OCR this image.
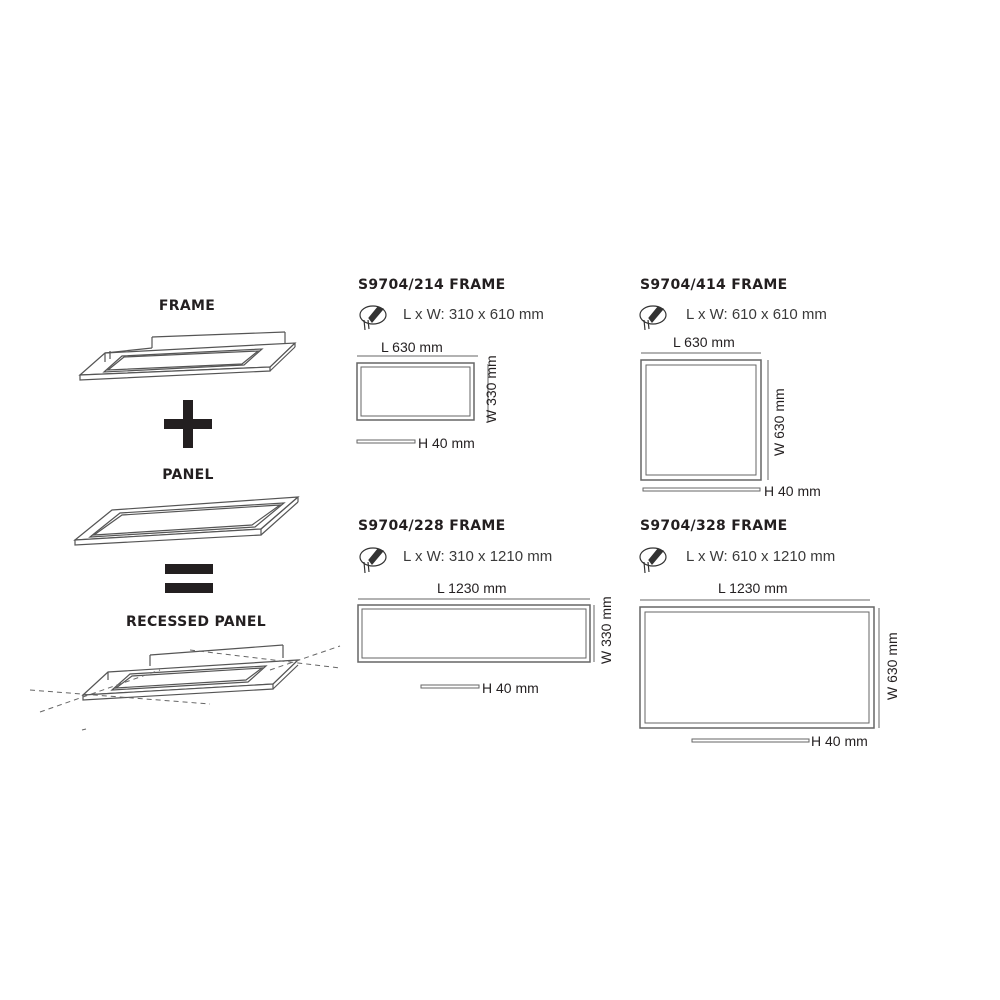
FRAME
PANEL
RECESSED PANEL
S9704/214 FRAME
L x W: 310 x 610 mm
L 630 mm
W 330 mm
H 40 mm
S9704/414 FRAME
L x W: 610 x 610 mm
L 630 mm
W 630 mm
H 40 mm
S9704/228 FRAME
L x W: 310 x 1210 mm
L 1230 mm
W 330 mm
H 40 mm
S9704/328 FRAME
L x W: 610 x 1210 mm
L 1230 mm
W 630 mm
H 40 mm
